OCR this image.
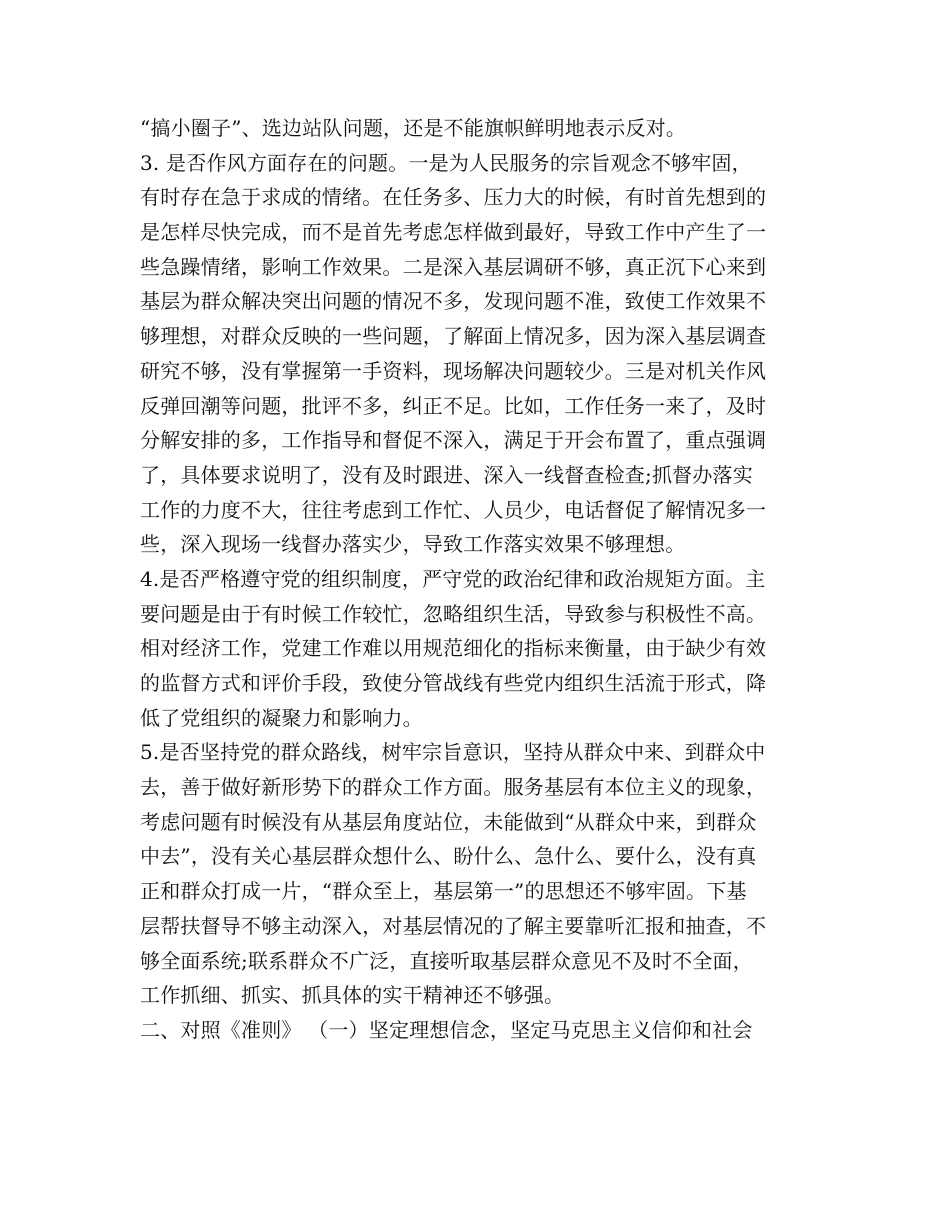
“搞小圈子”、选边站队问题，还是不能旗帜鲜明地表示反对。
3. 是否作风方面存在的问题。一是为人民服务的宗旨观念不够牢固，
有时存在急于求成的情绪。在任务多、压力大的时候，有时首先想到的
是怎样尽快完成，而不是首先考虑怎样做到最好，导致工作中产生了一
些急躁情绪，影响工作效果。二是深入基层调研不够，真正沉下心来到
基层为群众解决突出问题的情况不多，发现问题不准，致使工作效果不
够理想，对群众反映的一些问题，了解面上情况多，因为深入基层调查
研究不够，没有掌握第一手资料，现场解决问题较少。三是对机关作风
反弹回潮等问题，批评不多，纠正不足。比如，工作任务一来了，及时
分解安排的多，工作指导和督促不深入，满足于开会布置了，重点强调
了，具体要求说明了，没有及时跟进、深入一线督查检查;抓督办落实
工作的力度不大，往往考虑到工作忙、人员少，电话督促了解情况多一
些，深入现场一线督办落实少，导致工作落实效果不够理想。
4.是否严格遵守党的组织制度，严守党的政治纪律和政治规矩方面。主
要问题是由于有时候工作较忙，忽略组织生活，导致参与积极性不高。
相对经济工作，党建工作难以用规范细化的指标来衡量，由于缺少有效
的监督方式和评价手段，致使分管战线有些党内组织生活流于形式，降
低了党组织的凝聚力和影响力。
5.是否坚持党的群众路线，树牢宗旨意识，坚持从群众中来、到群众中
去，善于做好新形势下的群众工作方面。服务基层有本位主义的现象，
考虑问题有时候没有从基层角度站位，未能做到“从群众中来，到群众
中去”，没有关心基层群众想什么、盼什么、急什么、要什么，没有真
正和群众打成一片，“群众至上，基层第一”的思想还不够牢固。下基
层帮扶督导不够主动深入，对基层情况的了解主要靠听汇报和抽查，不
够全面系统;联系群众不广泛，直接听取基层群众意见不及时不全面，
工作抓细、抓实、抓具体的实干精神还不够强。
二、对照《准则》 （一）坚定理想信念，坚定马克思主义信仰和社会
